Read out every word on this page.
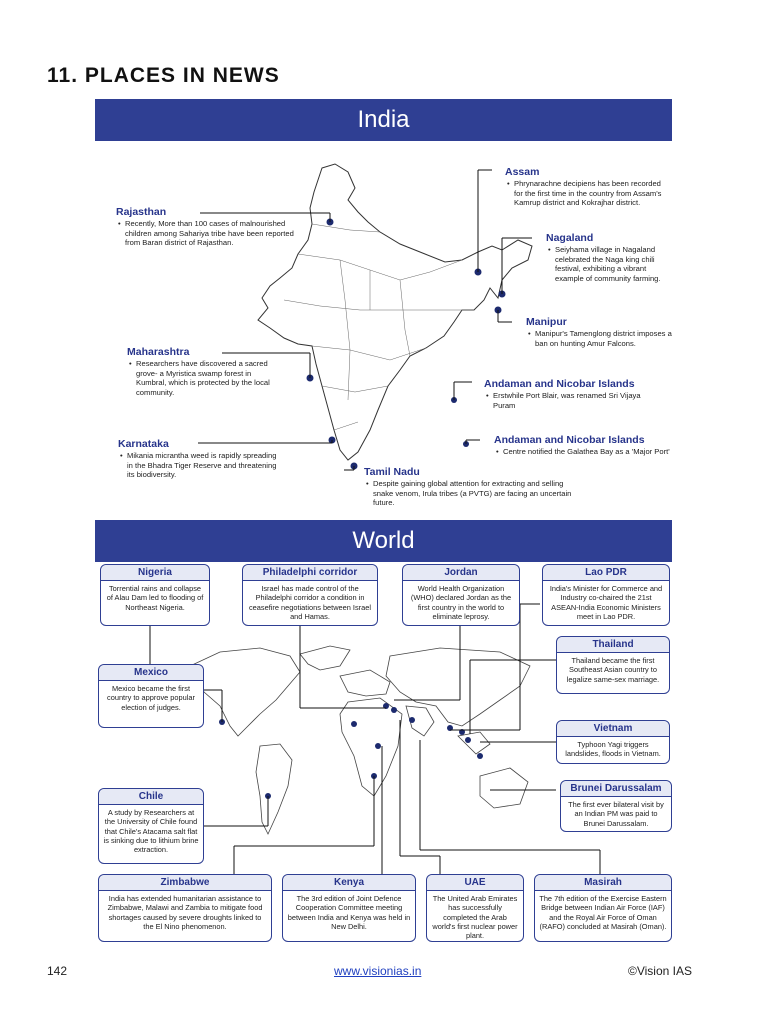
11. PLACES IN NEWS
India
Rajasthan
• Recently, More than 100 cases of malnourished children among Sahariya tribe have been reported from Baran district of Rajasthan.
Maharashtra
• Researchers have discovered a sacred grove- a Myristica swamp forest in Kumbral, which is protected by the local community.
Karnataka
• Mikania micrantha weed is rapidly spreading in the Bhadra Tiger Reserve and threatening its biodiversity.	Tamil Nadu
• Despite gaining global attention for extracting and selling snake venom, Irula tribes (a PVTG) are facing an uncertain future.
Assam
• Phrynarachne decipiens has been recorded for the first time in the country from Assam's Kamrup district and Kokrajhar district.
Nagaland
• Seiyhama village in Nagaland celebrated the Naga king chili festival, exhibiting a vibrant example of community farming.
Manipur
• Manipur's Tamenglong district imposes a ban on hunting Amur Falcons.
Andaman and Nicobar Islands
• Erstwhile Port Blair, was renamed Sri Vijaya Puram
Andaman and Nicobar Islands
• Centre notified the Galathea Bay as a 'Major Port'
World
Nigeria
Torrential rains and collapse of Alau Dam led to flooding of Northeast Nigeria.
Philadelphi corridor
Israel has made control of the Philadelphi corridor a condition in ceasefire negotiations between Israel and Hamas.
Jordan
World Health Organization (WHO) declared Jordan as the first country in the world to eliminate leprosy.
Lao PDR
India's Minister for Commerce and Industry co-chaired the 21st ASEAN-India Economic Ministers meet in Lao PDR.
Thailand
Thailand became the first Southeast Asian country to legalize same-sex marriage.
Mexico
Mexico became the first country to approve popular election of judges.
Vietnam
Typhoon Yagi triggers landslides, floods in Vietnam.
Brunei Darussalam
The first ever bilateral visit by an Indian PM was paid to Brunei Darussalam.
Chile
A study by Researchers at the University of Chile found that Chile's Atacama salt flat is sinking due to lithium brine extraction.
Zimbabwe
India has extended humanitarian assistance to Zimbabwe, Malawi and Zambia to mitigate food shortages caused by severe droughts linked to the El Nino phenomenon.
Kenya
The 3rd edition of Joint Defence Cooperation Committee meeting between India and Kenya was held in New Delhi.
UAE
The United Arab Emirates has successfully completed the Arab world's first nuclear power plant.
Masirah
The 7th edition of the Exercise Eastern Bridge between Indian Air Force (IAF) and the Royal Air Force of Oman (RAFO) concluded at Masirah (Oman).
142	www.visionias.in	©Vision IAS
